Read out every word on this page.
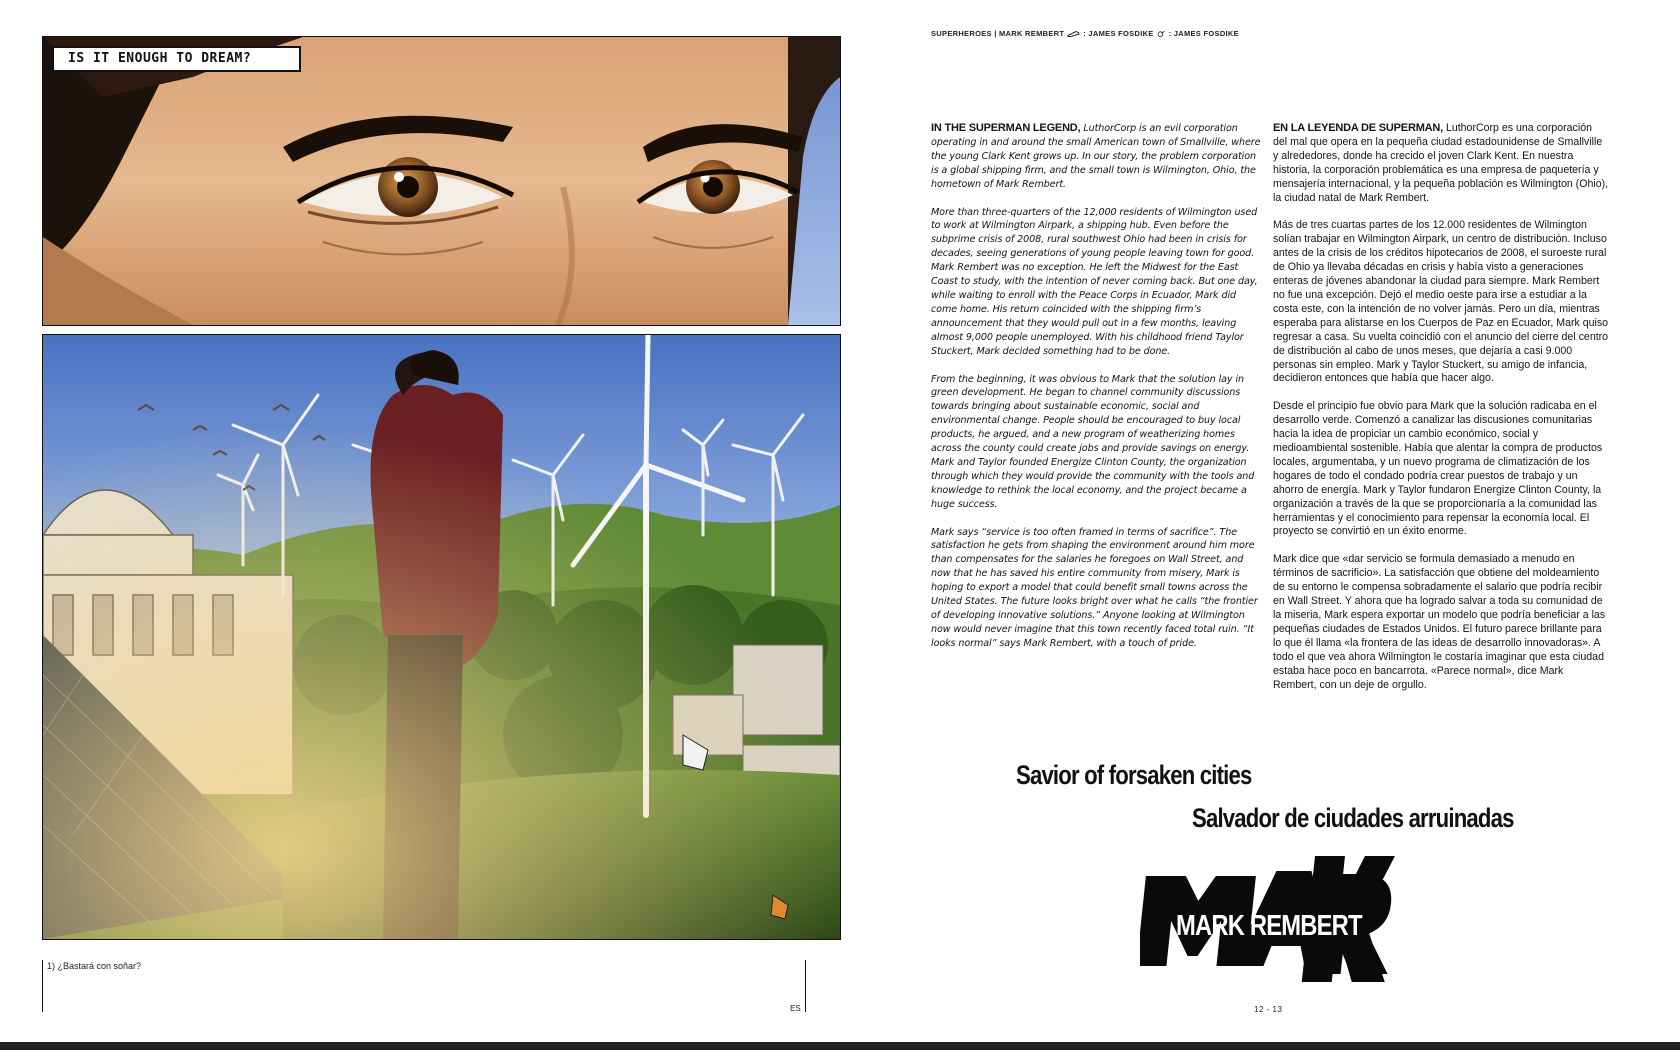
IS IT ENOUGH TO DREAM?
1) ¿Bastará con soñar?
ES
SUPERHEROES | MARK REMBERT	: JAMES FOSDIKE : JAMES FOSDIKE

IN THE SUPERMAN LEGEND, LuthorCorp is an evil corporation operating in and around the small American town of Smallville, where the young Clark Kent grows up. In our story, the problem corporation is a global shipping firm, and the small town is Wilmington, Ohio, the hometown of Mark Rembert.

More than three-quarters of the 12,000 residents of Wilmington used to work at Wilmington Airpark, a shipping hub. Even before the subprime crisis of 2008, rural southwest Ohio had been in crisis for decades, seeing generations of young people leaving town for good. Mark Rembert was no exception. He left the Midwest for the East Coast to study, with the intention of never coming back. But one day, while waiting to enroll with the Peace Corps in Ecuador, Mark did come home. His return coincided with the shipping firm’s announcement that they would pull out in a few months, leaving almost 9,000 people unemployed. With his childhood friend Taylor Stuckert, Mark decided something had to be done.

From the beginning, it was obvious to Mark that the solution lay in green development. He began to channel community discussions towards bringing about sustainable economic, social and environmental change. People should be encouraged to buy local products, he argued, and a new program of weatherizing homes across the county could create jobs and provide savings on energy. Mark and Taylor founded Energize Clinton County, the organization through which they would provide the community with the tools and knowledge to rethink the local economy, and the project became a huge success.

Mark says “service is too often framed in terms of sacrifice”. The satisfaction he gets from shaping the environment around him more than compensates for the salaries he foregoes on Wall Street, and now that he has saved his entire community from misery, Mark is hoping to export a model that could benefit small towns across the United States. The future looks bright over what he calls “the frontier of developing innovative solutions.” Anyone looking at Wilmington now would never imagine that this town recently faced total ruin. “It looks normal” says Mark Rembert, with a touch of pride.

EN LA LEYENDA DE SUPERMAN, LuthorCorp es una corporación del mal que opera en la pequeña ciudad estadounidense de Smallville y alrededores, donde ha crecido el joven Clark Kent. En nuestra historia, la corporación problemática es una empresa de paquetería y mensajería internacional, y la pequeña población es Wilmington (Ohio), la ciudad natal de Mark Rembert.

Más de tres cuartas partes de los 12.000 residentes de Wilmington solían trabajar en Wilmington Airpark, un centro de distribución. Incluso antes de la crisis de los créditos hipotecarios de 2008, el suroeste rural de Ohio ya llevaba décadas en crisis y había visto a generaciones enteras de jóvenes abandonar la ciudad para siempre. Mark Rembert no fue una excepción. Dejó el medio oeste para irse a estudiar a la costa este, con la intención de no volver jamás. Pero un día, mientras esperaba para alistarse en los Cuerpos de Paz en Ecuador, Mark quiso regresar a casa. Su vuelta coincidió con el anuncio del cierre del centro de distribución al cabo de unos meses, que dejaría a casi 9.000 personas sin empleo. Mark y Taylor Stuckert, su amigo de infancia, decidieron entonces que había que hacer algo.

Desde el principio fue obvio para Mark que la solución radicaba en el desarrollo verde. Comenzó a canalizar las discusiones comunitarias hacia la idea de propiciar un cambio económico, social y medioambiental sostenible. Había que alentar la compra de productos locales, argumentaba, y un nuevo programa de climatización de los hogares de todo el condado podría crear puestos de trabajo y un ahorro de energía. Mark y Taylor fundaron Energize Clinton County, la organización a través de la que se proporcionaría a la comunidad las herramientas y el conocimiento para repensar la economía local. El proyecto se convirtió en un éxito enorme.

Mark dice que «dar servicio se formula demasiado a menudo en términos de sacrificio». La satisfacción que obtiene del moldeamiento de su entorno le compensa sobradamente el salario que podría recibir en Wall Street. Y ahora que ha logrado salvar a toda su comunidad de la miseria, Mark espera exportar un modelo que podría beneficiar a las pequeñas ciudades de Estados Unidos. El futuro parece brillante para lo que él llama «la frontera de las ideas de desarrollo innovadoras». A todo el que vea ahora Wilmington le costaría imaginar que esta ciudad estaba hace poco en bancarrota. «Parece normal», dice Mark Rembert, con un deje de orgullo.

Savior of forsaken cities
Salvador de ciudades arruinadas
MARK REMBERT
12 - 13
